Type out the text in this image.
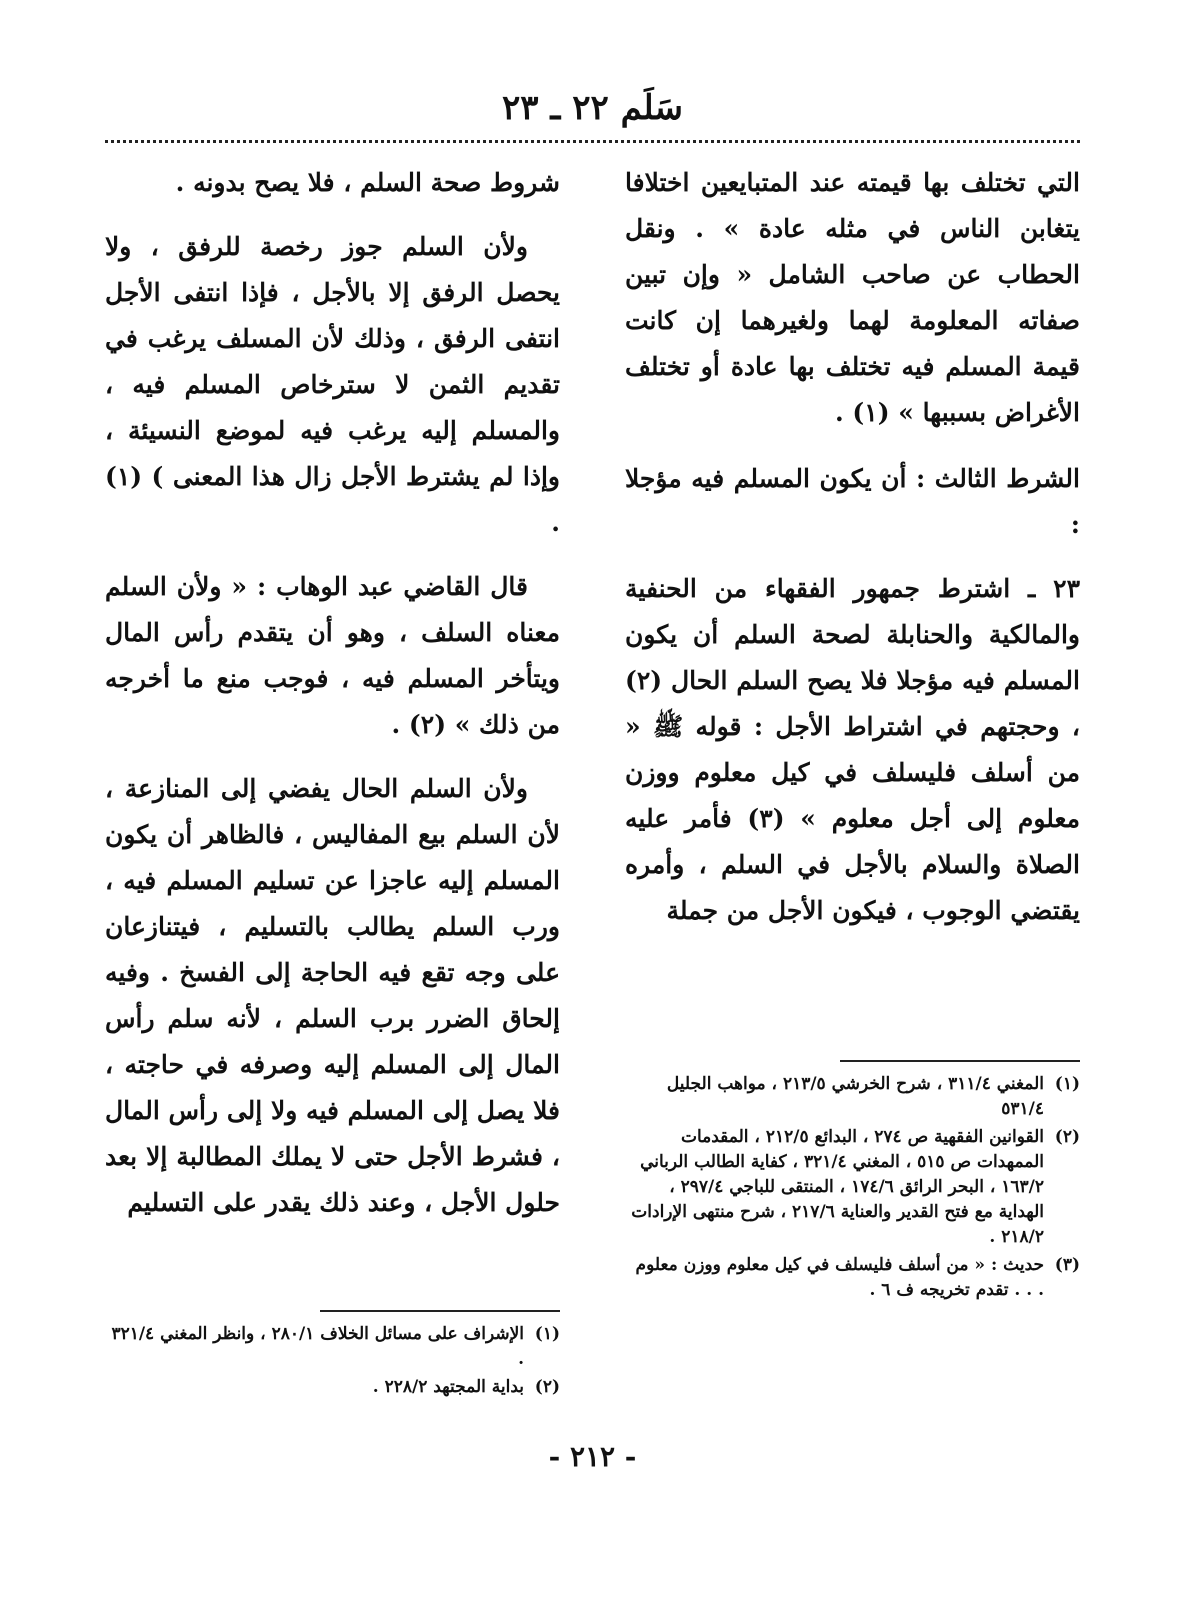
سَلَم ٢٢ ـ ٢٣

التي تختلف بها قيمته عند المتبايعين اختلافا يتغابن الناس في مثله عادة » . ونقل الحطاب عن صاحب الشامل « وإن تبين صفاته المعلومة لهما ولغيرهما إن كانت قيمة المسلم فيه تختلف بها عادة أو تختلف الأغراض بسببها » (١) .

الشرط الثالث : أن يكون المسلم فيه مؤجلا :

٢٣ ـ اشترط جمهور الفقهاء من الحنفية والمالكية والحنابلة لصحة السلم أن يكون المسلم فيه مؤجلا فلا يصح السلم الحال (٢) ، وحجتهم في اشتراط الأجل : قوله ﷺ « من أسلف فليسلف في كيل معلوم ووزن معلوم إلى أجل معلوم » (٣) فأمر عليه الصلاة والسلام بالأجل في السلم ، وأمره يقتضي الوجوب ، فيكون الأجل من جملة

شروط صحة السلم ، فلا يصح بدونه .

ولأن السلم جوز رخصة للرفق ، ولا يحصل الرفق إلا بالأجل ، فإذا انتفى الأجل انتفى الرفق ، وذلك لأن المسلف يرغب في تقديم الثمن لا سترخاص المسلم فيه ، والمسلم إليه يرغب فيه لموضع النسيئة ، وإذا لم يشترط الأجل زال هذا المعنى ) (١) .

قال القاضي عبد الوهاب : « ولأن السلم معناه السلف ، وهو أن يتقدم رأس المال ويتأخر المسلم فيه ، فوجب منع ما أخرجه من ذلك » (٢) .

ولأن السلم الحال يفضي إلى المنازعة ، لأن السلم بيع المفاليس ، فالظاهر أن يكون المسلم إليه عاجزا عن تسليم المسلم فيه ، ورب السلم يطالب بالتسليم ، فيتنازعان على وجه تقع فيه الحاجة إلى الفسخ . وفيه إلحاق الضرر برب السلم ، لأنه سلم رأس المال إلى المسلم إليه وصرفه في حاجته ، فلا يصل إلى المسلم فيه ولا إلى رأس المال ، فشرط الأجل حتى لا يملك المطالبة إلا بعد حلول الأجل ، وعند ذلك يقدر على التسليم

(١)المغني ٣١١/٤ ، شرح الخرشي ٢١٣/٥ ، مواهب الجليل ٥٣١/٤

(٢)القوانين الفقهية ص ٢٧٤ ، البدائع ٢١٢/٥ ، المقدمات الممهدات ص ٥١٥ ، المغني ٣٢١/٤ ، كفاية الطالب الرباني ١٦٣/٢ ، البحر الرائق ١٧٤/٦ ، المنتقى للباجي ٢٩٧/٤ ، الهداية مع فتح القدير والعناية ٢١٧/٦ ، شرح منتهى الإرادات ٢١٨/٢ .

(٣)حديث : « من أسلف فليسلف في كيل معلوم ووزن معلوم . . . تقدم تخريجه ف ٦ .

(١)الإشراف على مسائل الخلاف ٢٨٠/١ ، وانظر المغني ٣٢١/٤ .

(٢)بداية المجتهد ٢٢٨/٢ .

- ٢١٢ -
